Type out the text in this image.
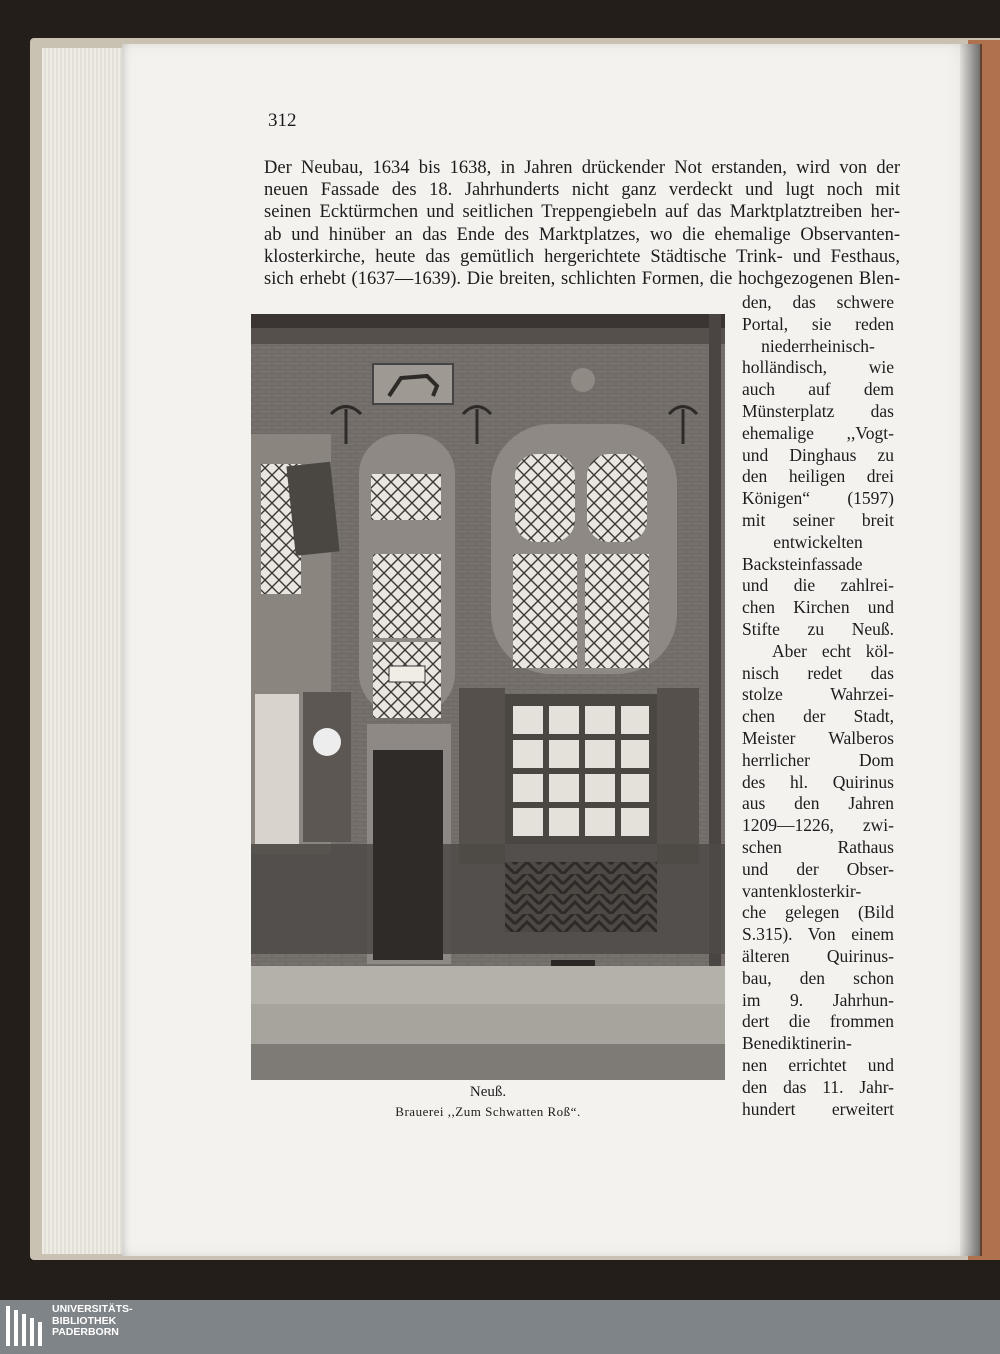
312
Der Neubau, 1634 bis 1638, in Jahren drückender Not erstanden, wird von der
neuen Fassade des 18. Jahrhunderts nicht ganz verdeckt und lugt noch mit
seinen Ecktürmchen und seitlichen Treppengiebeln auf das Marktplatztreiben her-
ab und hinüber an das Ende des Marktplatzes, wo die ehemalige Observanten-
klosterkirche, heute das gemütlich hergerichtete Städtische Trink- und Festhaus,
sich erhebt (1637—1639). Die breiten, schlichten Formen, die hochgezogenen Blen-
den, das schwere
Portal, sie reden
niederrheinisch-
holländisch, wie
auch auf dem
Münsterplatz das
ehemalige ,,Vogt-
und Dinghaus zu
den heiligen drei
Königen“ (1597)
mit seiner breit
entwickelten
Backsteinfassade
und die zahlrei-
chen Kirchen und
Stifte zu Neuß.
Aber echt köl-
nisch redet das
stolze Wahrzei-
chen der Stadt,
Meister Walberos
herrlicher Dom
des hl. Quirinus
aus den Jahren
1209—1226, zwi-
schen Rathaus
und der Obser-
vantenklosterkir-
che gelegen (Bild
S.315). Von einem
älteren Quirinus-
bau, den schon
im 9. Jahrhun-
dert die frommen
Benediktinerin-
nen errichtet und
den das 11. Jahr-
hundert erweitert
Neuß.
Brauerei ,,Zum Schwatten Roß“.
UNIVERSITÄTS-
BIBLIOTHEK
PADERBORN
